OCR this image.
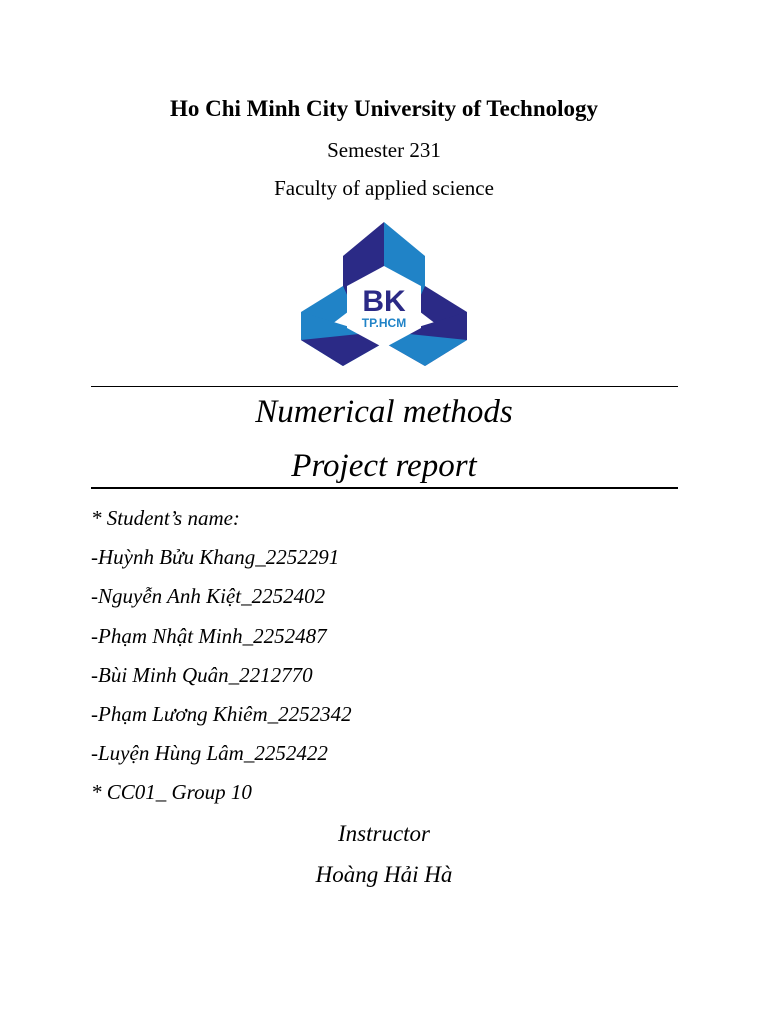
Ho Chi Minh City University of Technology
Semester 231
Faculty of applied science
BK
TP.HCM
Numerical methods
Project report
* Student’s name:
-Huỳnh Bửu Khang_2252291
-Nguyễn Anh Kiệt_2252402
-Phạm Nhật Minh_2252487
-Bùi Minh Quân_2212770
-Phạm Lương Khiêm_2252342
-Luyện Hùng Lâm_2252422
* CC01_ Group 10
Instructor
Hoàng Hải Hà
